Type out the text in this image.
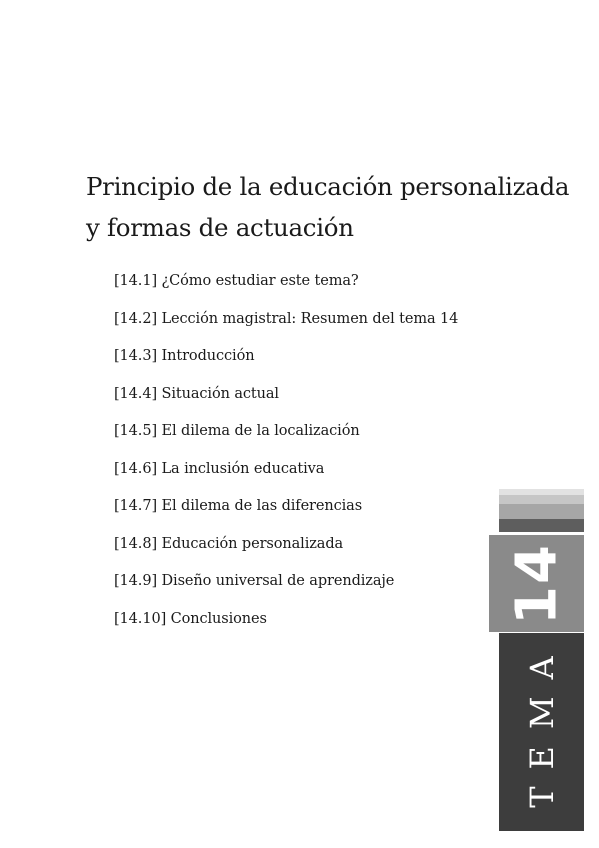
Principio de la educación personalizada y formas de actuación
[14.1] ¿Cómo estudiar este tema?
[14.2] Lección magistral: Resumen del tema 14
[14.3] Introducción
[14.4] Situación actual
[14.5] El dilema de la localización
[14.6] La inclusión educativa
[14.7] El dilema de las diferencias
[14.8] Educación personalizada
[14.9] Diseño universal de aprendizaje
[14.10] Conclusiones	14
TEMA
